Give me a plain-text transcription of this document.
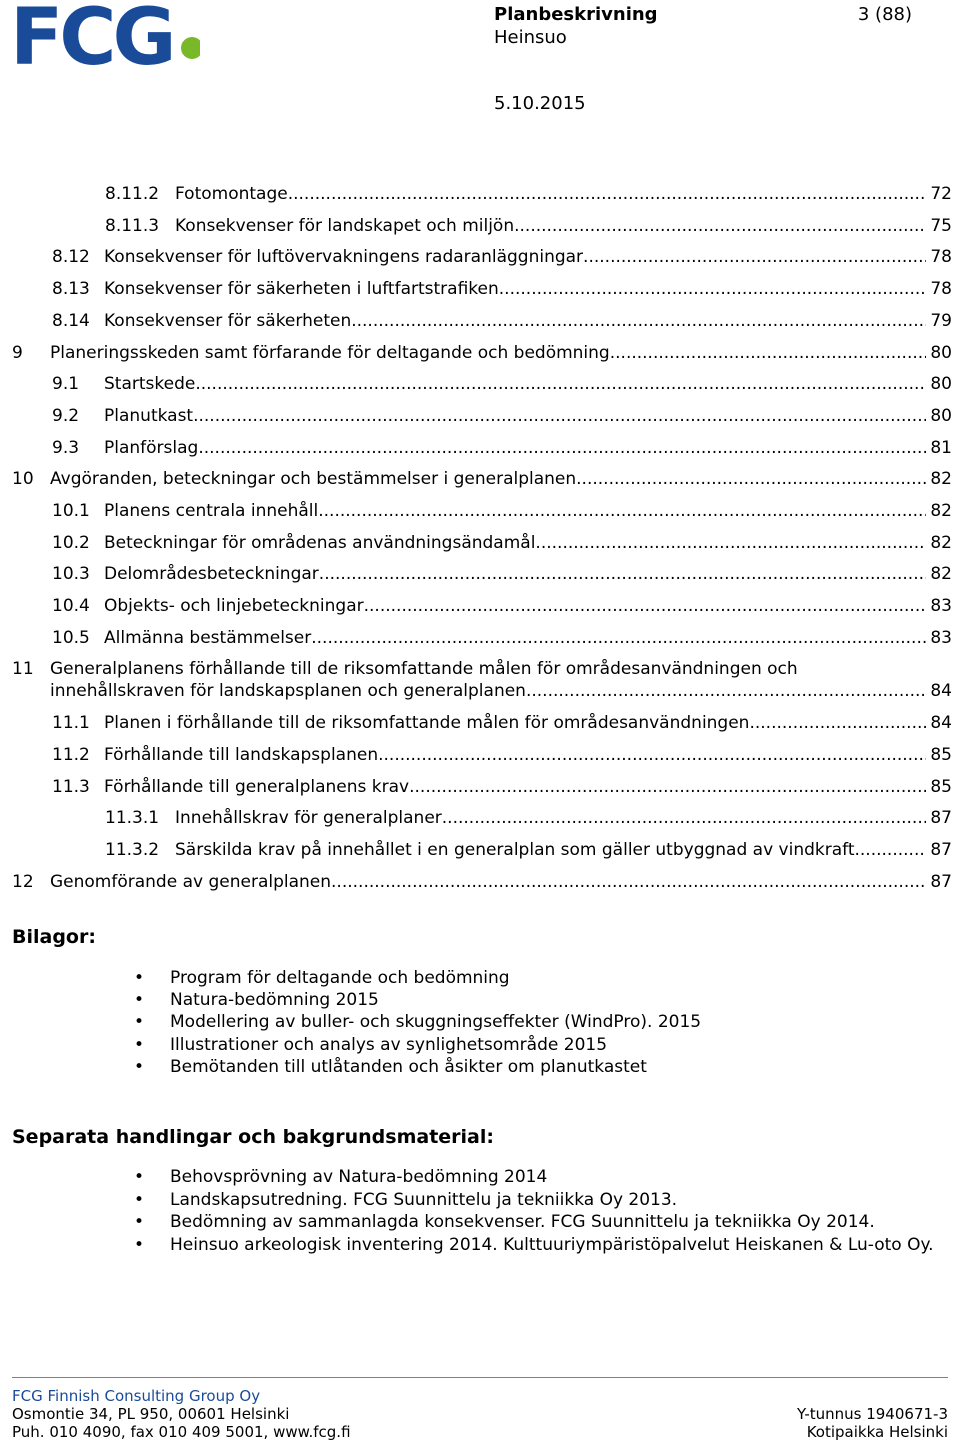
FCG	Planbeskrivning
Heinsuo
5.10.2015
3 (88)
8.11.2 Fotomontage .....	72
8.11.3 Konsekvenser för landskapet och miljön .....	75
8.12 Konsekvenser för luftövervakningens radaranläggningar .....	78
8.13 Konsekvenser för säkerheten i luftfartstrafiken .....	78
8.14 Konsekvenser för säkerheten .....	79
9	Planeringsskeden samt förfarande för deltagande och bedömning .....	80
9.1	Startskede .....	80
9.2	Planutkast .....	80
9.3	Planförslag .....	81
10 Avgöranden, beteckningar och bestämmelser i generalplanen .....	82
10.1 Planens centrala innehåll .....	82
10.2 Beteckningar för områdenas användningsändamål .....	82
10.3 Delområdesbeteckningar .....	82
10.4 Objekts- och linjebeteckningar .....	83
10.5 Allmänna bestämmelser .....	83
11 Generalplanens förhållande till de riksomfattande målen för områdesanvändningen och
innehållskraven för landskapsplanen och generalplanen .....	84
11.1 Planen i förhållande till de riksomfattande målen för områdesanvändningen .....	84
11.2 Förhållande till landskapsplanen .....	85
11.3 Förhållande till generalplanens krav .....	85
11.3.1 Innehållskrav för generalplaner .....	87
11.3.2 Särskilda krav på innehållet i en generalplan som gäller utbyggnad av vindkraft .....	87
12 Genomförande av generalplanen .....	87
Bilagor:
• Program för deltagande och bedömning
• Natura-bedömning 2015
• Modellering av buller- och skuggningseffekter (WindPro). 2015
• Illustrationer och analys av synlighetsområde 2015
• Bemötanden till utlåtanden och åsikter om planutkastet
Separata handlingar och bakgrundsmaterial:
• Behovsprövning av Natura-bedömning 2014
• Landskapsutredning. FCG Suunnittelu ja tekniikka Oy 2013.
• Bedömning av sammanlagda konsekvenser. FCG Suunnittelu ja tekniikka Oy 2014.
• Heinsuo arkeologisk inventering 2014. Kulttuuriympäristöpalvelut Heiskanen & Lu-oto Oy.
FCG Finnish Consulting Group Oy
Osmontie 34, PL 950, 00601 Helsinki
Puh. 010 4090, fax 010 409 5001, www.fcg.fi
Y-tunnus 1940671-3
Kotipaikka Helsinki
